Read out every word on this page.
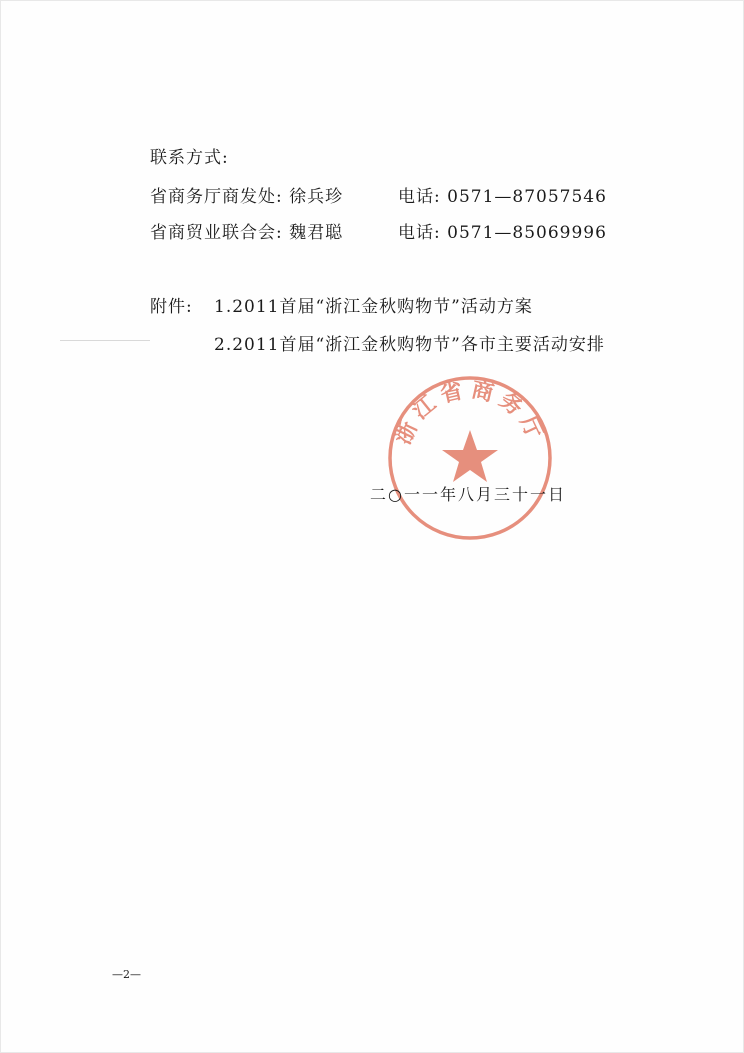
联系方式:
省商务厅商发处: 徐兵珍	电话: 0571—87057546
省商贸业联合会: 魏君聪	电话: 0571—85069996
附件: 1.2011首届“浙江金秋购物节”活动方案
2.2011首届“浙江金秋购物节”各市主要活动安排
浙江省商务厅
二○一一年八月三十一日
—2—
